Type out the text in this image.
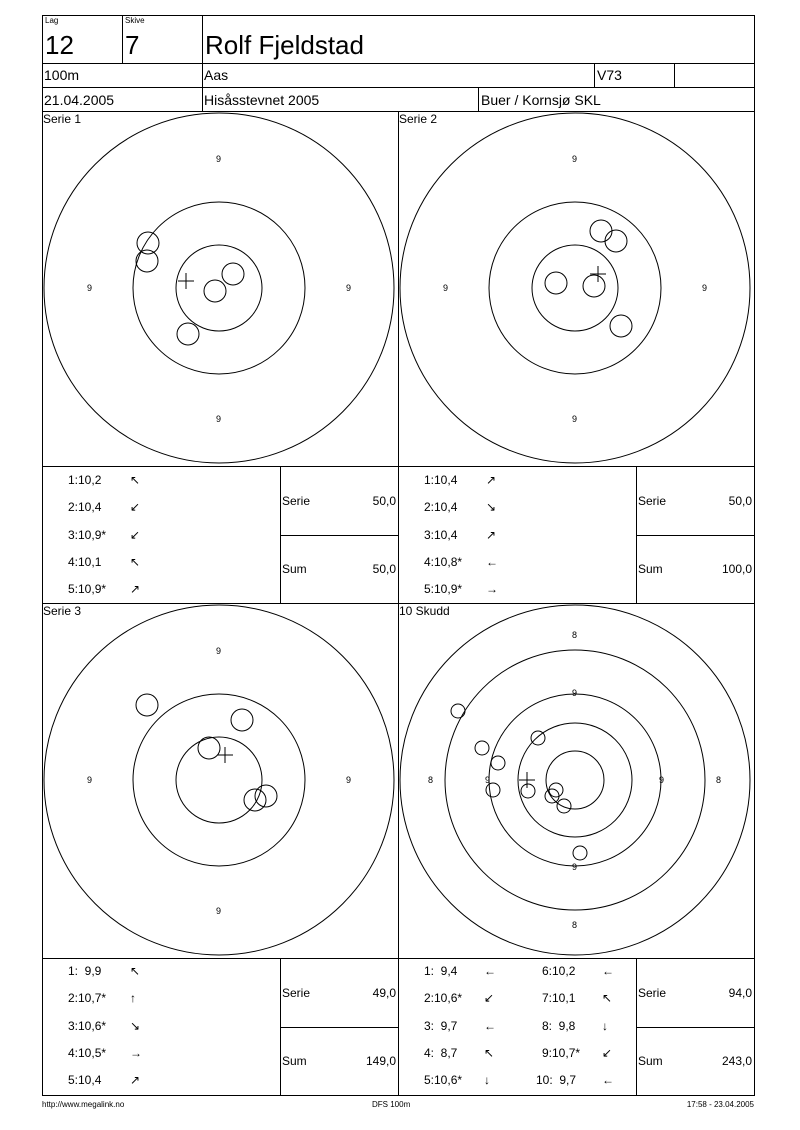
Lag
12
Skive
7	Rolf Fjeldstad
100m	Aas	V73
21.04.2005	Hisåsstevnet 2005	Buer / Kornsjø SKL
Serie 1	Serie 2
Serie 3	10 Skudd
9
9	9
9
9
9	9
9
9
9	9
9
8
8	8
8
9
9	9
9
1:10,2 ↖
2:10,4 ↙
3:10,9* ↙
4:10,1 ↖
5:10,9* ↗
Serie	50,0
Sum	50,0
1:10,4 ↗
2:10,4 ↘
3:10,4 ↗
4:10,8* ←
5:10,9* →
Serie	50,0
Sum	100,0
1:  9,9 ↖
2:10,7* ↑
3:10,6* ↘
4:10,5* →
5:10,4 ↗
Serie	49,0
Sum	149,0
1:  9,4 ←
2:10,6* ↙
3:  9,7 ←
4:  8,7 ↖
5:10,6* ↓
6:10,2 ←
7:10,1 ↖
8:  9,8 ↓
9:10,7* ↙
10:  9,7 ←
Serie	94,0
Sum	243,0
http://www.megalink.no	DFS 100m	17:58 - 23.04.2005
